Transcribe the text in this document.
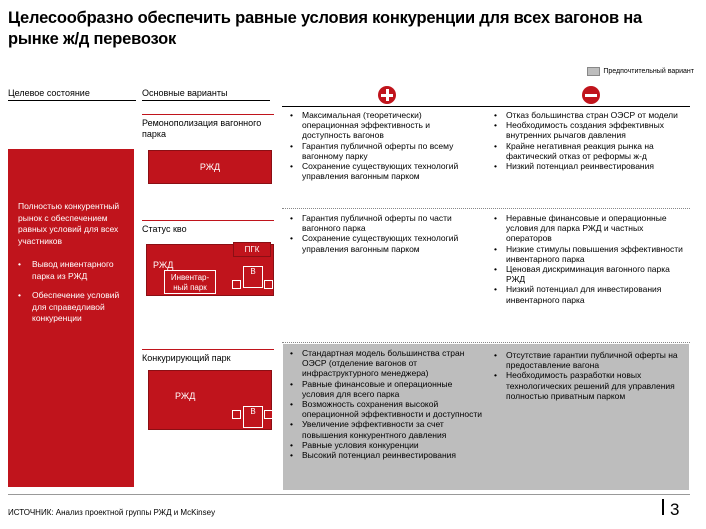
Целесообразно обеспечить равные условия конкуренции для всех вагонов на рынке ж/д перевозок
Предпочтительный вариант
Целевое состояние	Основные варианты
Полностью конкурентный рынок с обеспечением равных условий для всех участников
• Вывод инвентарного парка из РЖД
• Обеспечение условий для справедливой конкуренции
Ремонополизация вагонного парка
РЖД
Статус кво
РЖД
ПГК
Инвентар-ный парк
В
Конкурирующий парк
РЖД
В
• Максимальная (теоретически) операционная эффективность и доступность вагонов
• Гарантия публичной оферты по всему вагонному парку
• Сохранение существующих технологий управления вагонным парком
• Отказ большинства стран ОЭСР от модели
• Необходимость создания эффективных внутренних рычагов давления
• Крайне негативная реакция рынка на фактический отказ от реформы ж-д
• Низкий потенциал реинвестирования
• Гарантия публичной оферты по части вагонного парка
• Сохранение существующих технологий управления вагонным парком
• Неравные финансовые и операционные условия для парка РЖД и частных операторов
• Низкие стимулы повышения эффективности инвентарного парка
• Ценовая дискриминация вагонного парка РЖД
• Низкий потенциал для инвестирования инвентарного парка
• Стандартная модель большинства стран ОЭСР (отделение вагонов от инфраструктурного менеджера)
• Равные финансовые и операционные условия для всего парка
• Возможность сохранения высокой операционной эффективности и доступности
• Увеличение эффективности за счет повышения конкурентного давления
• Равные условия конкуренции
• Высокий потенциал реинвестирования
• Отсутствие гарантии публичной оферты на предоставление вагона
• Необходимость разработки новых технологических решений для управления полностью приватным парком
ИСТОЧНИК: Анализ проектной группы РЖД и McKinsey	3
